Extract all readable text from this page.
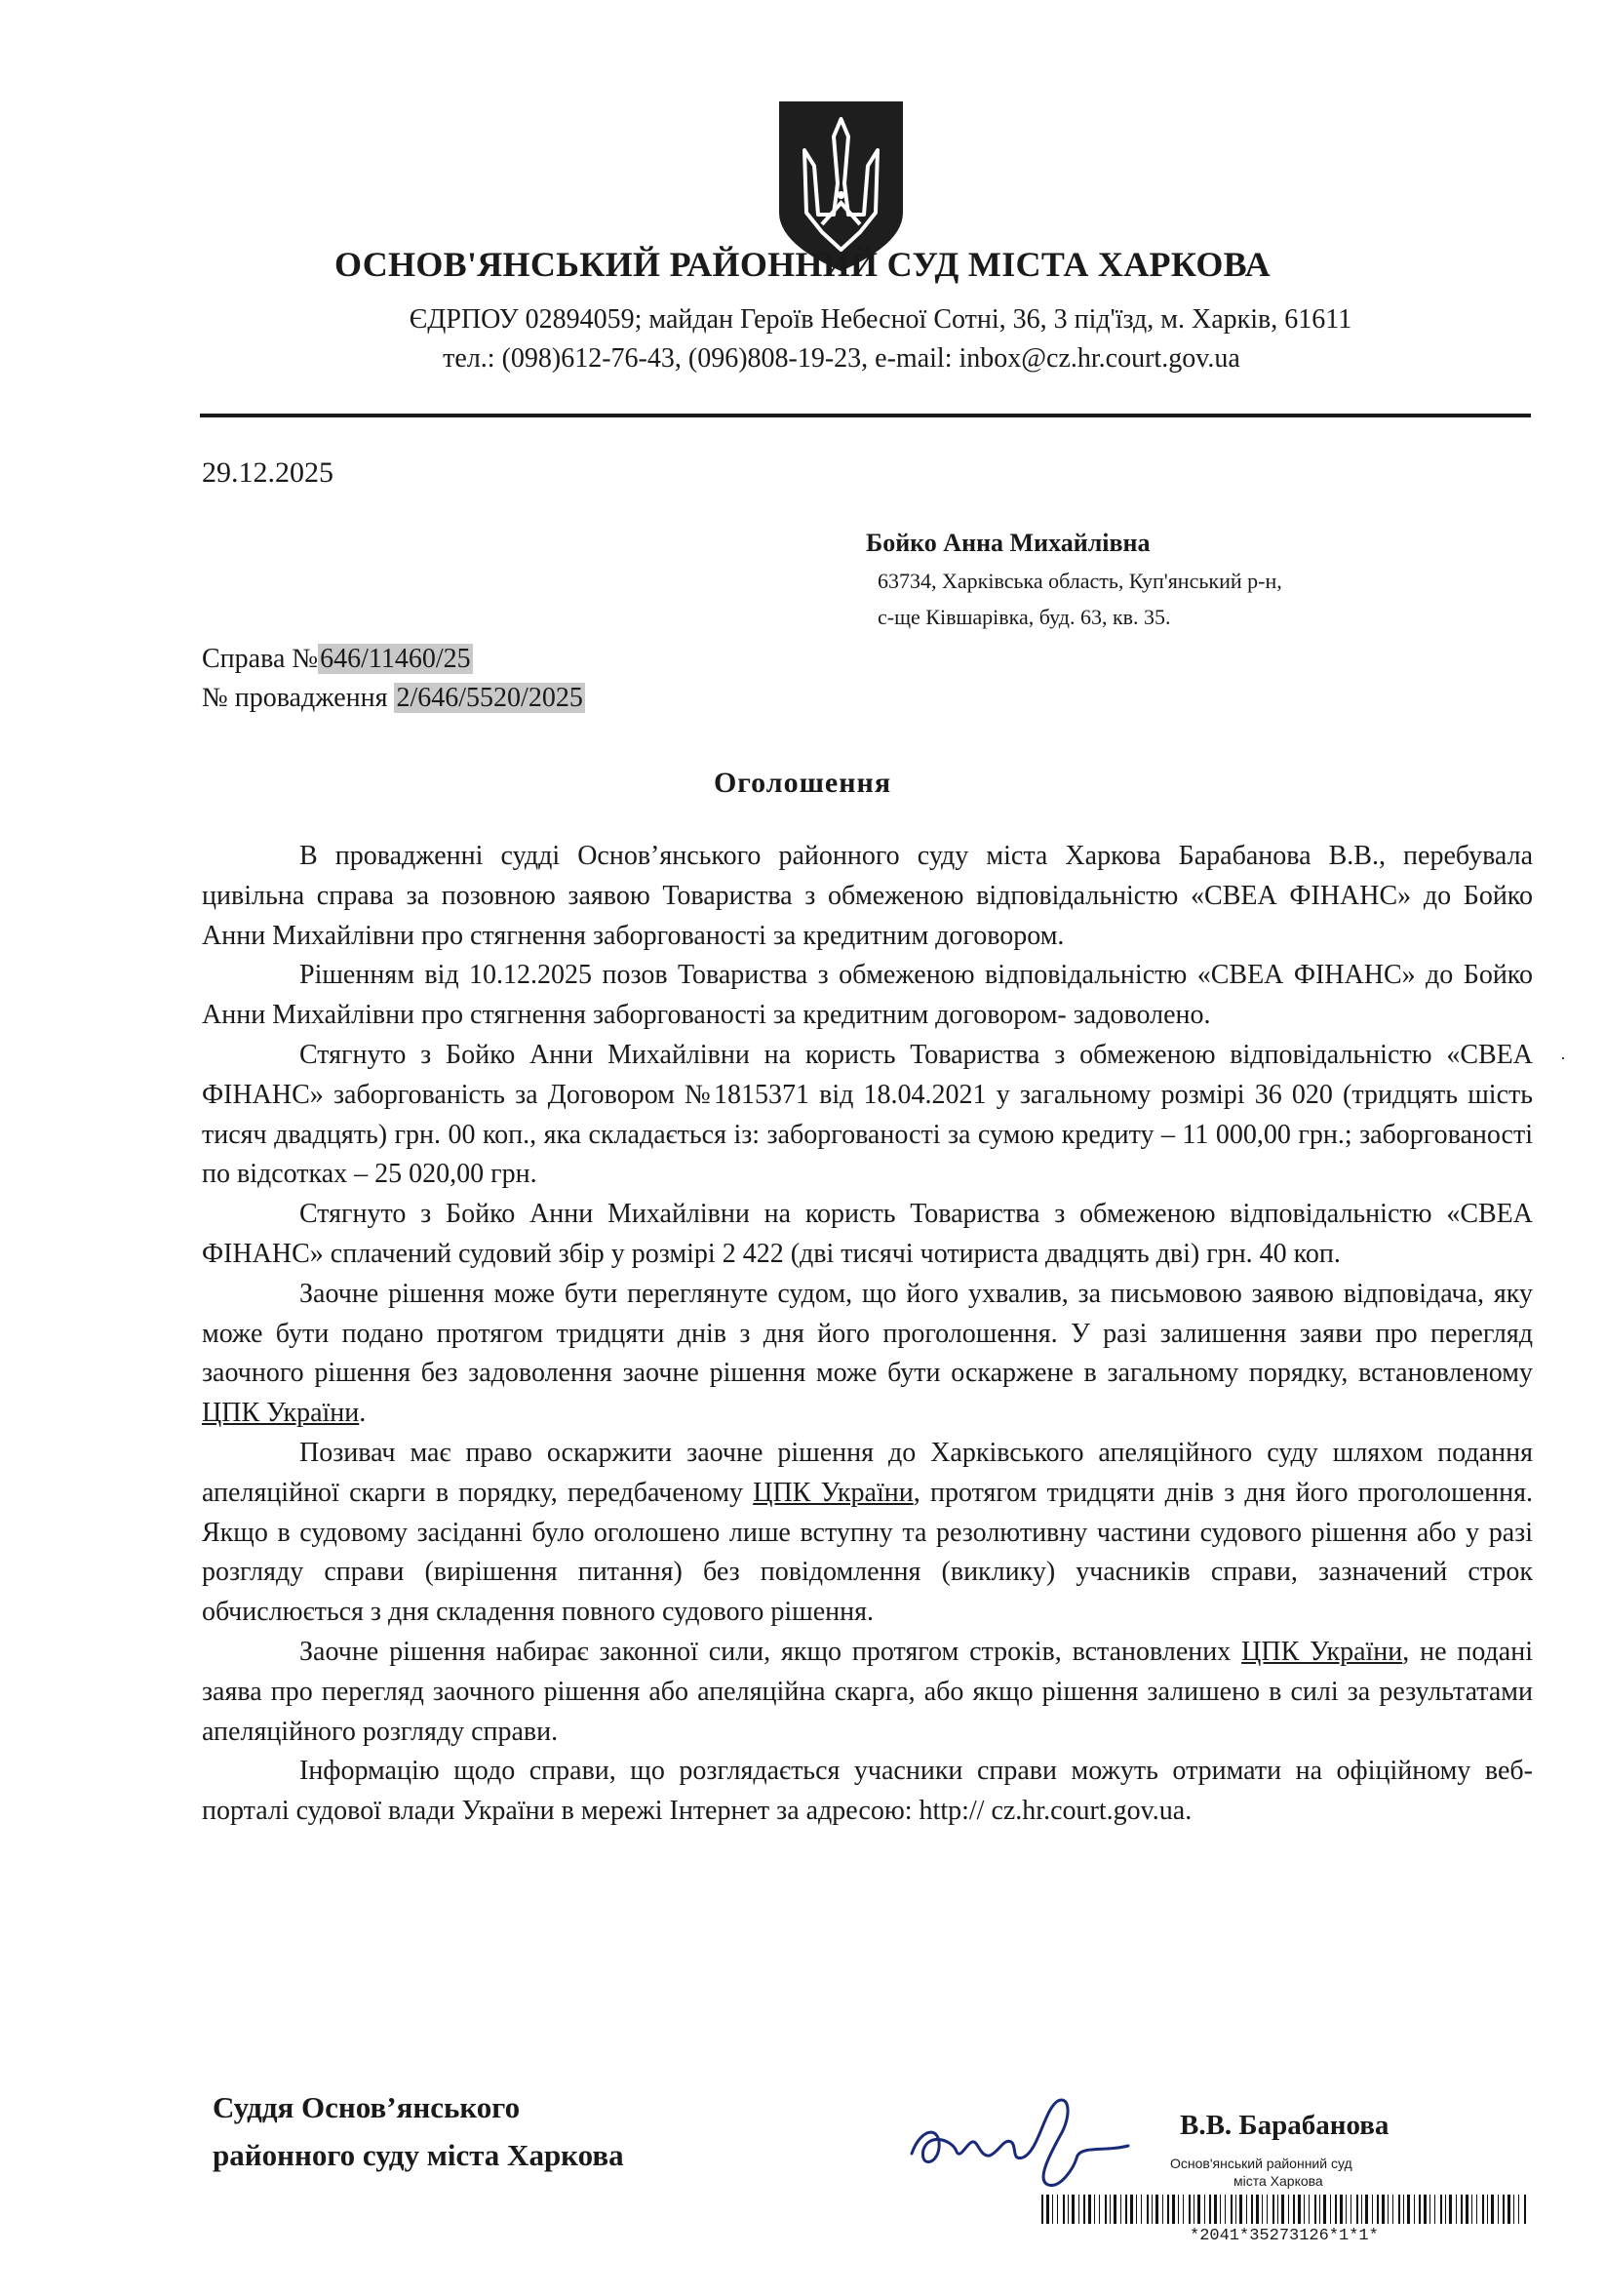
ОСНОВ'ЯНСЬКИЙ РАЙОННИЙ СУД МІСТА ХАРКОВА
ЄДРПОУ 02894059; майдан Героїв Небесної Сотні, 36, 3 під'їзд, м. Харків, 61611
тел.: (098)612-76-43, (096)808-19-23, e-mail: inbox@cz.hr.court.gov.ua
29.12.2025
Бойко Анна Михайлівна
63734, Харківська область, Куп'янський р-н,
с-ще Ківшарівка, буд. 63, кв. 35.
Справа №646/11460/25
№ провадження 2/646/5520/2025
Оголошення

В провадженні судді Основ’янського районного суду міста Харкова Барабанова В.В., перебувала цивільна справа за позовною заявою Товариства з обмеженою відповідальністю «СВЕА ФІНАНС» до Бойко Анни Михайлівни про стягнення заборгованості за кредитним договором.

Рішенням від 10.12.2025 позов Товариства з обмеженою відповідальністю «СВЕА ФІНАНС» до Бойко Анни Михайлівни про стягнення заборгованості за кредитним договором- задоволено.

Стягнуто з Бойко Анни Михайлівни на користь Товариства з обмеженою відповідальністю «СВЕА ФІНАНС» заборгованість за Договором №1815371 від 18.04.2021 у загальному розмірі 36 020 (тридцять шість тисяч двадцять) грн. 00 коп., яка складається із: заборгованості за сумою кредиту – 11 000,00 грн.; заборгованості по відсотках – 25 020,00 грн.

Стягнуто з Бойко Анни Михайлівни на користь Товариства з обмеженою відповідальністю «СВЕА ФІНАНС» сплачений судовий збір у розмірі 2 422 (дві тисячі чотириста двадцять дві) грн. 40 коп.

Заочне рішення може бути переглянуте судом, що його ухвалив, за письмовою заявою відповідача, яку може бути подано протягом тридцяти днів з дня його проголошення. У разі залишення заяви про перегляд заочного рішення без задоволення заочне рішення може бути оскаржене в загальному порядку, встановленому ЦПК України.

Позивач має право оскаржити заочне рішення до Харківського апеляційного суду шляхом подання апеляційної скарги в порядку, передбаченому ЦПК України, протягом тридцяти днів з дня його проголошення. Якщо в судовому засіданні було оголошено лише вступну та резолютивну частини судового рішення або у разі розгляду справи (вирішення питання) без повідомлення (виклику) учасників справи, зазначений строк обчислюється з дня складення повного судового рішення.

Заочне рішення набирає законної сили, якщо протягом строків, встановлених ЦПК України, не подані заява про перегляд заочного рішення або апеляційна скарга, або якщо рішення залишено в силі за результатами апеляційного розгляду справи.

Інформацію щодо справи, що розглядається учасники справи можуть отримати на офіційному веб-порталі судової влади України в мережі Інтернет за адресою: http:// cz.hr.court.gov.ua.

Суддя Основ’янського
районного суду міста Харкова
В.В. Барабанова
Основ'янський районний суд
міста Харкова
*2041*35273126*1*1*
·
